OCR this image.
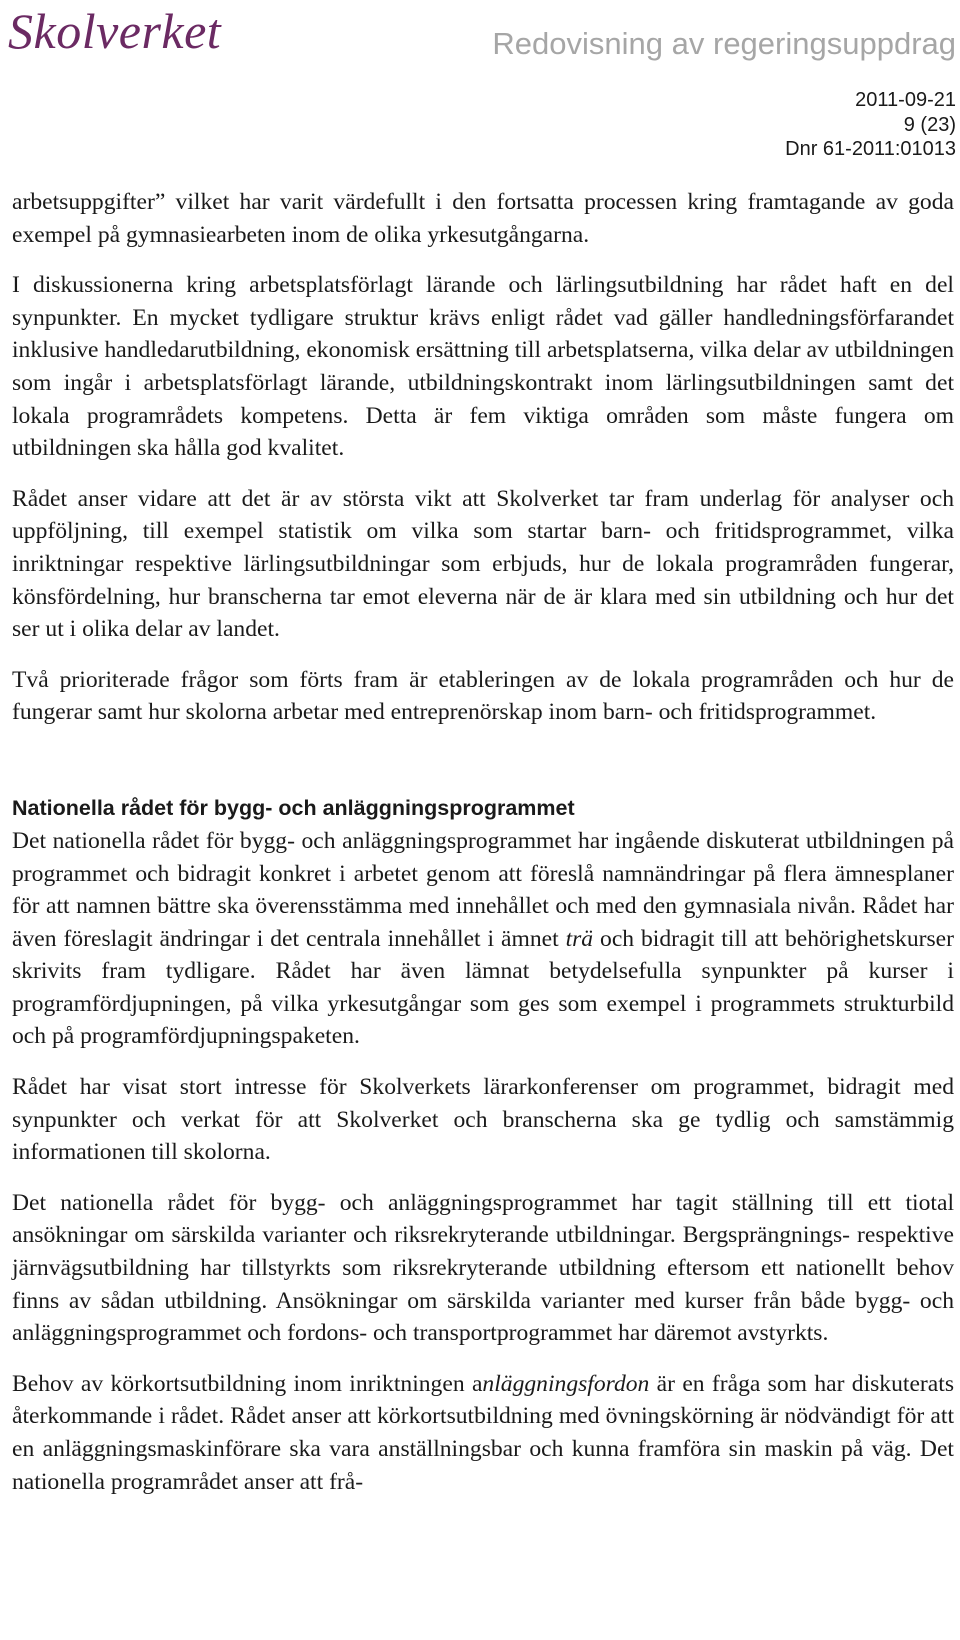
Skolverket	Redovisning av regeringsuppdrag
2011-09-21
9 (23)
Dnr 61-2011:01013

arbetsuppgifter” vilket har varit värdefullt i den fortsatta processen kring framtagande av goda exempel på gymnasiearbeten inom de olika yrkesutgångarna.

I diskussionerna kring arbetsplatsförlagt lärande och lärlingsutbildning har rådet haft en del synpunkter. En mycket tydligare struktur krävs enligt rådet vad gäller handledningsförfarandet inklusive handledarutbildning, ekonomisk ersättning till arbetsplatserna, vilka delar av utbildningen som ingår i arbetsplatsförlagt lärande, utbildningskontrakt inom lärlingsutbildningen samt det lokala programrådets kompetens. Detta är fem viktiga områden som måste fungera om utbildningen ska hålla god kvalitet.

Rådet anser vidare att det är av största vikt att Skolverket tar fram underlag för analyser och uppföljning, till exempel statistik om vilka som startar barn- och fritidsprogrammet, vilka inriktningar respektive lärlingsutbildningar som erbjuds, hur de lokala programråden fungerar, könsfördelning, hur branscherna tar emot eleverna när de är klara med sin utbildning och hur det ser ut i olika delar av landet.

Två prioriterade frågor som förts fram är etableringen av de lokala programråden och hur de fungerar samt hur skolorna arbetar med entreprenörskap inom barn- och fritidsprogrammet.

Nationella rådet för bygg- och anläggningsprogrammet

Det nationella rådet för bygg- och anläggningsprogrammet har ingående diskuterat utbildningen på programmet och bidragit konkret i arbetet genom att föreslå namnändringar på flera ämnesplaner för att namnen bättre ska överensstämma med innehållet och med den gymnasiala nivån. Rådet har även föreslagit ändringar i det centrala innehållet i ämnet trä och bidragit till att behörighetskurser skrivits fram tydligare. Rådet har även lämnat betydelsefulla synpunkter på kurser i programfördjupningen, på vilka yrkesutgångar som ges som exempel i programmets strukturbild och på programfördjupningspaketen.

Rådet har visat stort intresse för Skolverkets lärarkonferenser om programmet, bidragit med synpunkter och verkat för att Skolverket och branscherna ska ge tydlig och samstämmig informationen till skolorna.

Det nationella rådet för bygg- och anläggningsprogrammet har tagit ställning till ett tiotal ansökningar om särskilda varianter och riksrekryterande utbildningar. Bergsprängnings- respektive järnvägsutbildning har tillstyrkts som riksrekryterande utbildning eftersom ett nationellt behov finns av sådan utbildning. Ansökningar om särskilda varianter med kurser från både bygg- och anläggningsprogrammet och fordons- och transportprogrammet har däremot avstyrkts.

Behov av körkortsutbildning inom inriktningen anläggningsfordon är en fråga som har diskuterats återkommande i rådet. Rådet anser att körkortsutbildning med övningskörning är nödvändigt för att en anläggningsmaskinförare ska vara anställningsbar och kunna framföra sin maskin på väg. Det nationella programrådet anser att frå-
